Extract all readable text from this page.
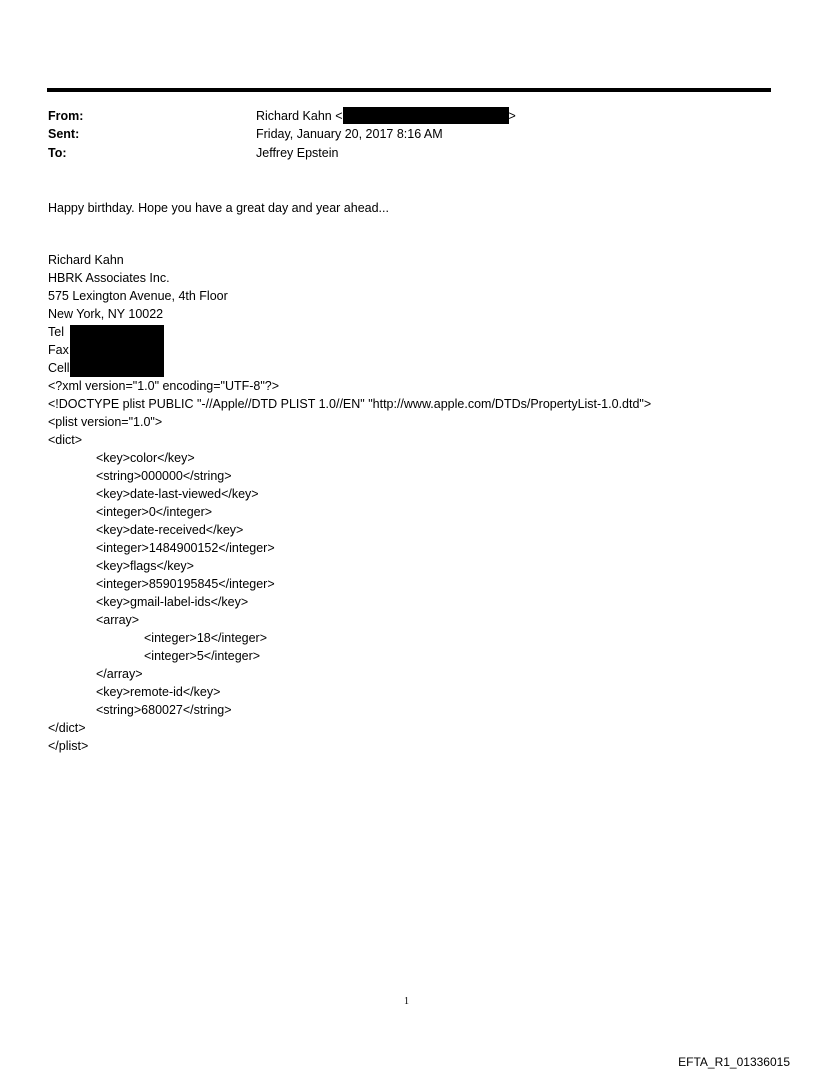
From:	Richard Kahn <	>
Sent:	Friday, January 20, 2017 8:16 AM
To:	Jeffrey Epstein
Happy birthday. Hope you have a great day and year ahead...
Richard Kahn
HBRK Associates Inc.
575 Lexington Avenue, 4th Floor
New York, NY 10022
Tel
Fax
Cell
<?xml version="1.0" encoding="UTF-8"?>
<!DOCTYPE plist PUBLIC "-//Apple//DTD PLIST 1.0//EN" "http://www.apple.com/DTDs/PropertyList-1.0.dtd">
<plist version="1.0">
<dict>
<key>color</key>
<string>000000</string>
<key>date-last-viewed</key>
<integer>0</integer>
<key>date-received</key>
<integer>1484900152</integer>
<key>flags</key>
<integer>8590195845</integer>
<key>gmail-label-ids</key>
<array>
<integer>18</integer>
<integer>5</integer>
</array>
<key>remote-id</key>
<string>680027</string>
</dict>
</plist>
1
EFTA_R1_01336015
